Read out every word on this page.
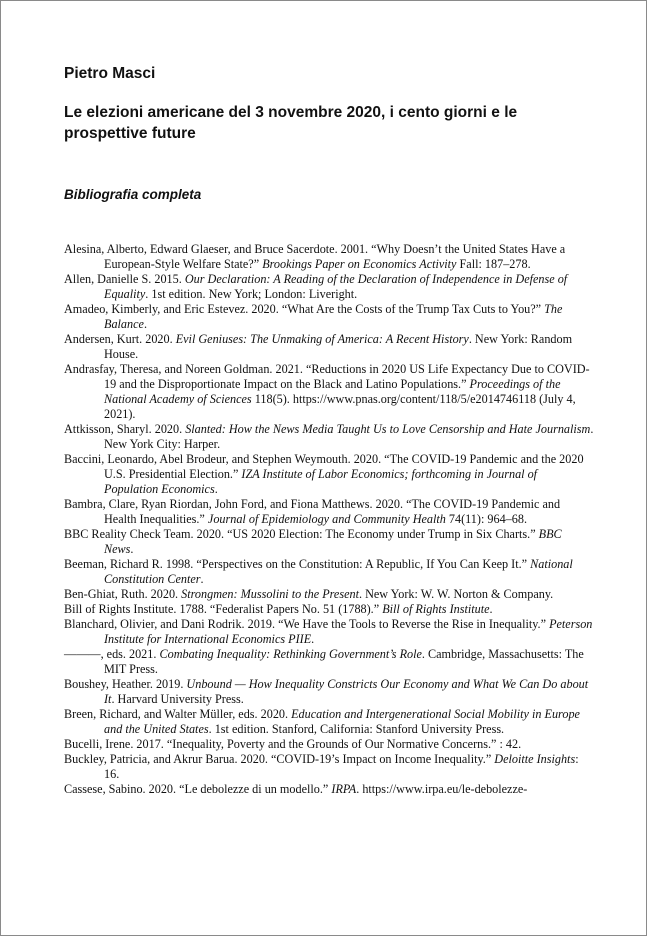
Pietro Masci
Le elezioni americane del 3 novembre 2020, i cento giorni e le prospettive future
Bibliografia completa
Alesina, Alberto, Edward Glaeser, and Bruce Sacerdote. 2001. “Why Doesn’t the United States Have a European-Style Welfare State?” Brookings Paper on Economics Activity Fall: 187–278.
Allen, Danielle S. 2015. Our Declaration: A Reading of the Declaration of Independence in Defense of Equality. 1st edition. New York; London: Liveright.
Amadeo, Kimberly, and Eric Estevez. 2020. “What Are the Costs of the Trump Tax Cuts to You?” The Balance.
Andersen, Kurt. 2020. Evil Geniuses: The Unmaking of America: A Recent History. New York: Random House.
Andrasfay, Theresa, and Noreen Goldman. 2021. “Reductions in 2020 US Life Expectancy Due to COVID-19 and the Disproportionate Impact on the Black and Latino Populations.” Proceedings of the National Academy of Sciences 118(5). https://www.pnas.org/content/118/5/e2014746118 (July 4, 2021).
Attkisson, Sharyl. 2020. Slanted: How the News Media Taught Us to Love Censorship and Hate Journalism. New York City: Harper.
Baccini, Leonardo, Abel Brodeur, and Stephen Weymouth. 2020. “The COVID-19 Pandemic and the 2020 U.S. Presidential Election.” IZA Institute of Labor Economics; forthcoming in Journal of Population Economics.
Bambra, Clare, Ryan Riordan, John Ford, and Fiona Matthews. 2020. “The COVID-19 Pandemic and Health Inequalities.” Journal of Epidemiology and Community Health 74(11): 964–68.
BBC Reality Check Team. 2020. “US 2020 Election: The Economy under Trump in Six Charts.” BBC News.
Beeman, Richard R. 1998. “Perspectives on the Constitution: A Republic, If You Can Keep It.” National Constitution Center.
Ben-Ghiat, Ruth. 2020. Strongmen: Mussolini to the Present. New York: W. W. Norton & Company.
Bill of Rights Institute. 1788. “Federalist Papers No. 51 (1788).” Bill of Rights Institute.
Blanchard, Olivier, and Dani Rodrik. 2019. “We Have the Tools to Reverse the Rise in Inequality.” Peterson Institute for International Economics PIIE.
———, eds. 2021. Combating Inequality: Rethinking Government’s Role. Cambridge, Massachusetts: The MIT Press.
Boushey, Heather. 2019. Unbound — How Inequality Constricts Our Economy and What We Can Do about It. Harvard University Press.
Breen, Richard, and Walter Müller, eds. 2020. Education and Intergenerational Social Mobility in Europe and the United States. 1st edition. Stanford, California: Stanford University Press.
Bucelli, Irene. 2017. “Inequality, Poverty and the Grounds of Our Normative Concerns.” : 42.
Buckley, Patricia, and Akrur Barua. 2020. “COVID-19’s Impact on Income Inequality.” Deloitte Insights: 16.
Cassese, Sabino. 2020. “Le debolezze di un modello.” IRPA. https://www.irpa.eu/le-debolezze-
